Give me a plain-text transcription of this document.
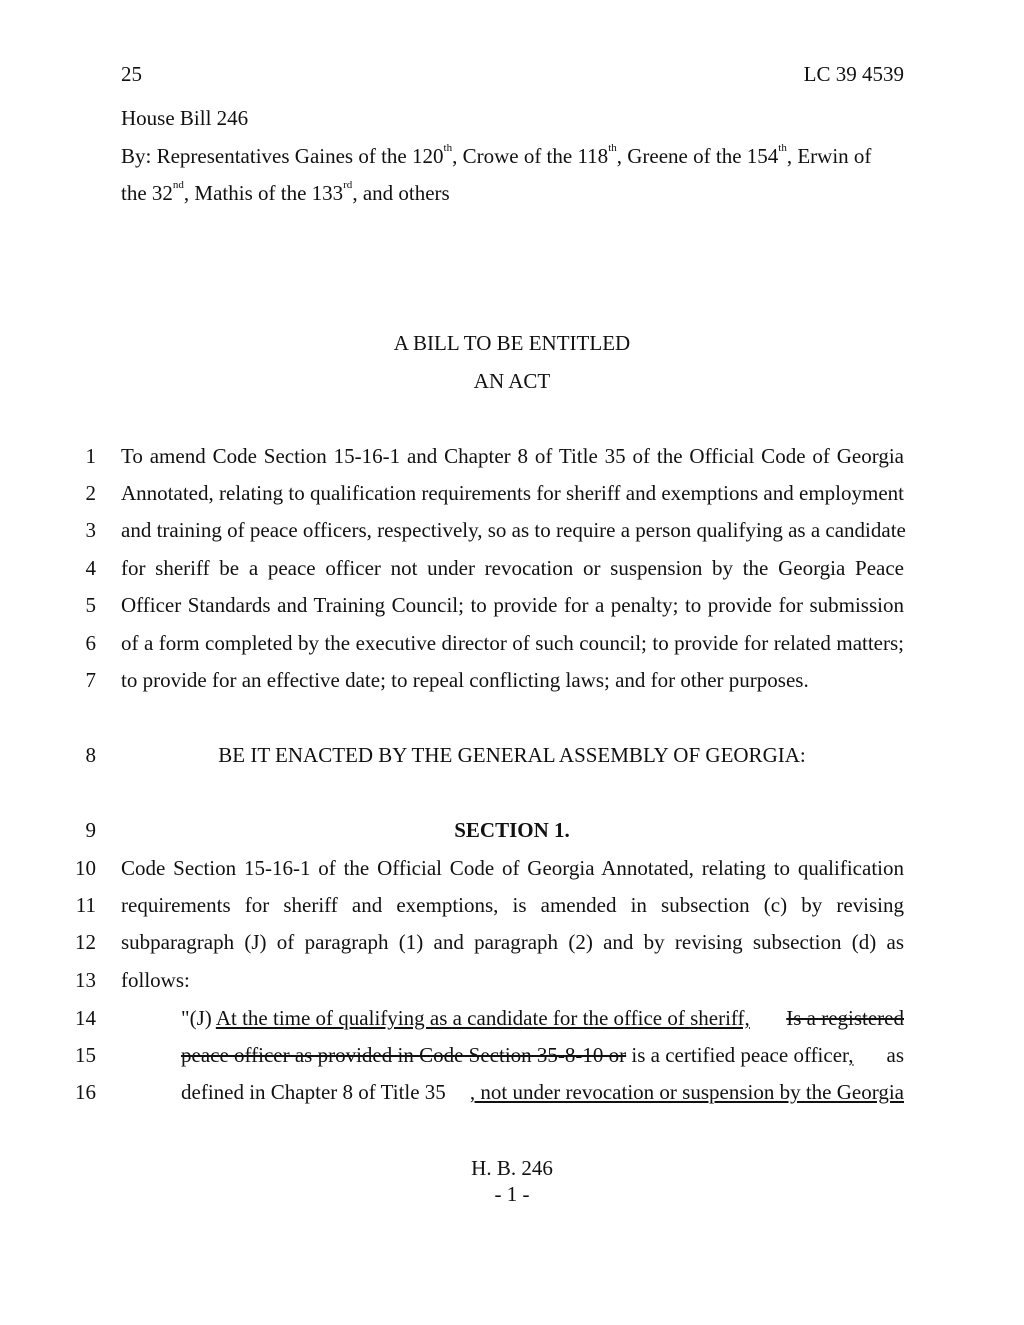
25	LC 39 4539
House Bill 246
By: Representatives Gaines of the 120th, Crowe of the 118th, Greene of the 154th, Erwin of
the 32nd, Mathis of the 133rd, and others
A BILL TO BE ENTITLED
AN ACT
1 To amend Code Section 15-16-1 and Chapter 8 of Title 35 of the Official Code of Georgia
2 Annotated, relating to qualification requirements for sheriff and exemptions and employment
3 and training of peace officers, respectively, so as to require a person qualifying as a candidate
4 for sheriff be a peace officer not under revocation or suspension by the Georgia Peace
5 Officer Standards and Training Council; to provide for a penalty; to provide for submission
6 of a form completed by the executive director of such council; to provide for related matters;
7 to provide for an effective date; to repeal conflicting laws; and for other purposes.
8	BE IT ENACTED BY THE GENERAL ASSEMBLY OF GEORGIA:
9	SECTION 1.
10 Code Section 15-16-1 of the Official Code of Georgia Annotated, relating to qualification
11 requirements for sheriff and exemptions, is amended in subsection (c) by revising
12 subparagraph (J) of paragraph (1) and paragraph (2) and by revising subsection (d) as
13 follows:
14	"(J) At the time of qualifying as a candidate for the office of sheriff, Is a registered
15	peace officer as provided in Code Section 35-8-10 or is a certified peace officer, as
16	defined in Chapter 8 of Title 35 , not under revocation or suspension by the Georgia
H. B. 246
- 1 -
